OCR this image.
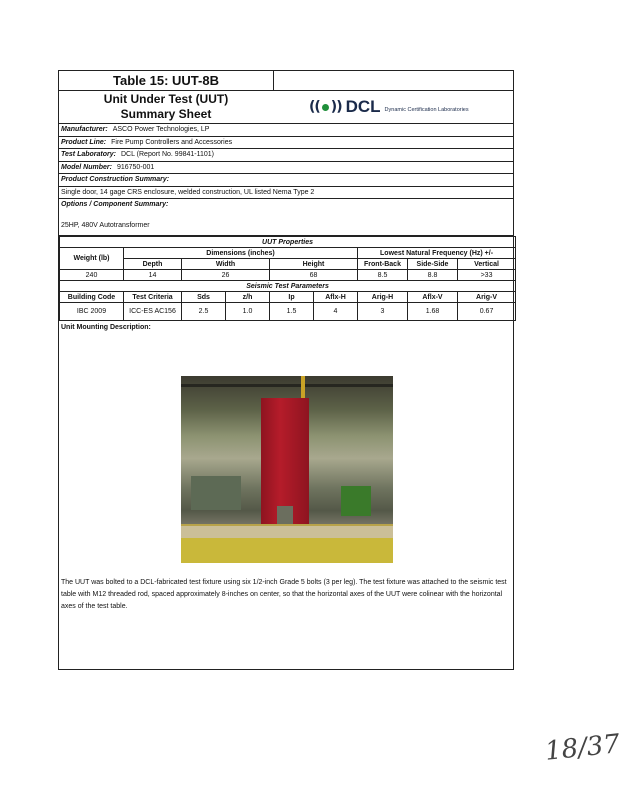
Table 15: UUT-8B
Unit Under Test (UUT)
Summary Sheet	(( )) DCL Dynamic Certification Laboratories
Manufacturer: ASCO Power Technologies, LP
Product Line: Fire Pump Controllers and Accessories
Test Laboratory: DCL (Report No. 99841-1101)
Model Number: 916750-001
Product Construction Summary:
Single door, 14 gage CRS enclosure, welded construction, UL listed Nema Type 2
Options / Component Summary:
25HP, 480V Autotransformer
UUT Properties								
Weight (lb)	Dimensions (inches)					Lowest Natural Frequency (Hz) +/-		
	Depth	Width		Height		Front-Back	Side-Side	Vertical
240	14	26		68		8.5	8.8	>33
Seismic Test Parameters								
Building Code	Test Criteria	Sds	z/h	Ip	Aflx-H	Arig-H	Aflx-V	Arig-V
IBC 2009	ICC-ES AC156	2.5	1.0	1.5	4	3	1.68	0.67
Unit Mounting Description:
The UUT was bolted to a DCL-fabricated test fixture using six 1/2-inch Grade 5 bolts (3 per leg). The test fixture was attached to the seismic test table with M12 threaded rod, spaced approximately 8-inches on center, so that the horizontal axes of the UUT were colinear with the horizontal axes of the test table.
18/37
